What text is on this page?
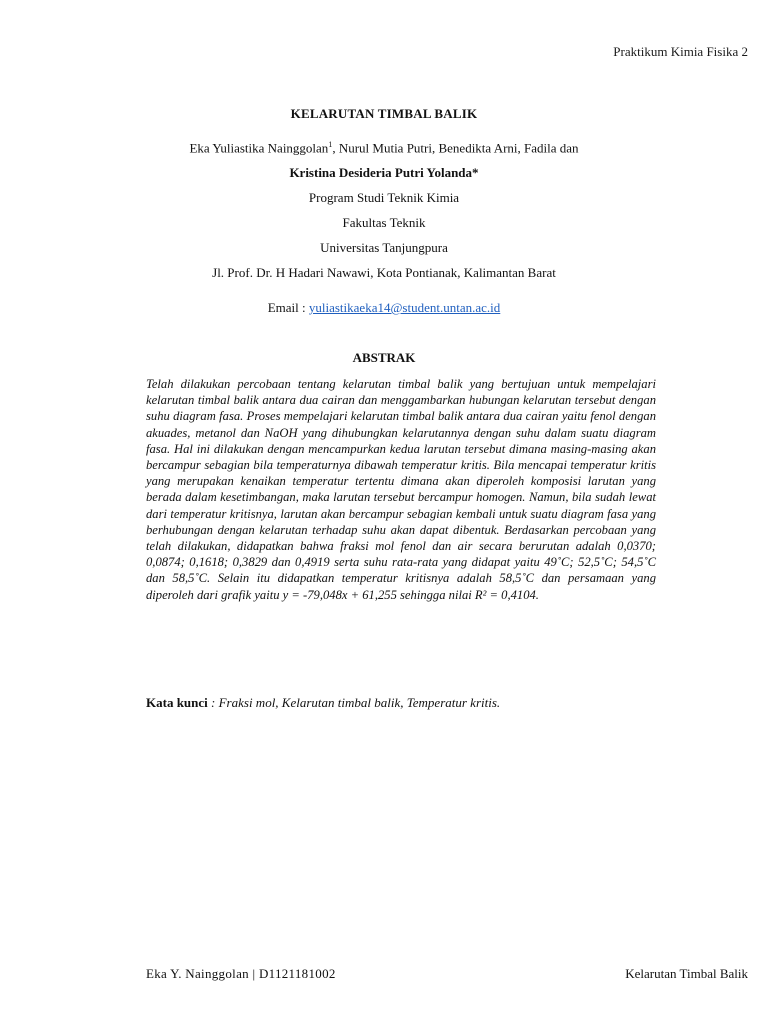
Praktikum Kimia Fisika 2
KELARUTAN TIMBAL BALIK
Eka Yuliastika Nainggolan$^1$, Nurul Mutia Putri, Benedikta Arni, Fadila dan
Kristina Desideria Putri Yolanda*
Program Studi Teknik Kimia
Fakultas Teknik
Universitas Tanjungpura
Jl. Prof. Dr. H Hadari Nawawi, Kota Pontianak, Kalimantan Barat
Email : yuliastikaeka14@student.untan.ac.id
ABSTRAK

Telah dilakukan percobaan tentang kelarutan timbal balik yang bertujuan untuk mempelajari kelarutan timbal balik antara dua cairan dan menggambarkan hubungan kelarutan tersebut dengan suhu diagram fasa. Proses mempelajari kelarutan timbal balik antara dua cairan yaitu fenol dengan akuades, metanol dan NaOH yang dihubungkan kelarutannya dengan suhu dalam suatu diagram fasa. Hal ini dilakukan dengan mencampurkan kedua larutan tersebut dimana masing-masing akan bercampur sebagian bila temperaturnya dibawah temperatur kritis. Bila mencapai temperatur kritis yang merupakan kenaikan temperatur tertentu dimana akan diperoleh komposisi larutan yang berada dalam kesetimbangan, maka larutan tersebut bercampur homogen. Namun, bila sudah lewat dari temperatur kritisnya, larutan akan bercampur sebagian kembali untuk suatu diagram fasa yang berhubungan dengan kelarutan terhadap suhu akan dapat dibentuk. Berdasarkan percobaan yang telah dilakukan, didapatkan bahwa fraksi mol fenol dan air secara berurutan adalah 0,0370; 0,0874; 0,1618; 0,3829 dan 0,4919 serta suhu rata-rata yang didapat yaitu 49˚C; 52,5˚C; 54,5˚C dan 58,5˚C. Selain itu didapatkan temperatur kritisnya adalah 58,5˚C dan persamaan yang diperoleh dari grafik yaitu y = -79,048x + 61,255 sehingga nilai R² = 0,4104.

Kata kunci : Fraksi mol, Kelarutan timbal balik, Temperatur kritis.
Eka Y. Nainggolan | D1121181002	Kelarutan Timbal Balik
